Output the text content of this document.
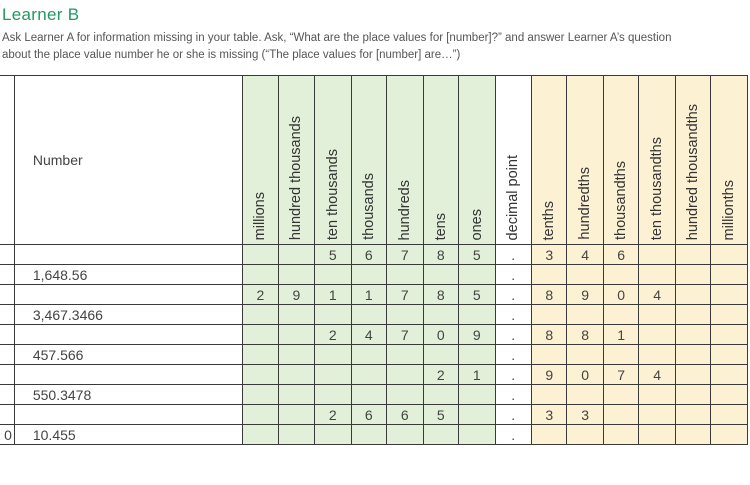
Learner B
Ask Learner A for information missing in your table. Ask, “What are the place values for [number]?” and answer Learner A’s question
about the place value number he or she is missing (“The place values for [number] are…”)
	Number	millions	hundred thousands	ten thousands	thousands	hundreds	tens	ones	decimal point	tenths	hundredths	thousandths	ten thousandths	hundred thousandths	millionths

				5	6	7	8	5	.	3	4	6			
	1,648.56								.						
		2	9	1	1	7	8	5	.	8	9	0	4		
	3,467.3466								.						
				2	4	7	0	9	.	8	8	1			
	457.566								.						
							2	1	.	9	0	7	4		
	550.3478								.						
				2	6	6	5		.	3	3				
0	10.455								.						
